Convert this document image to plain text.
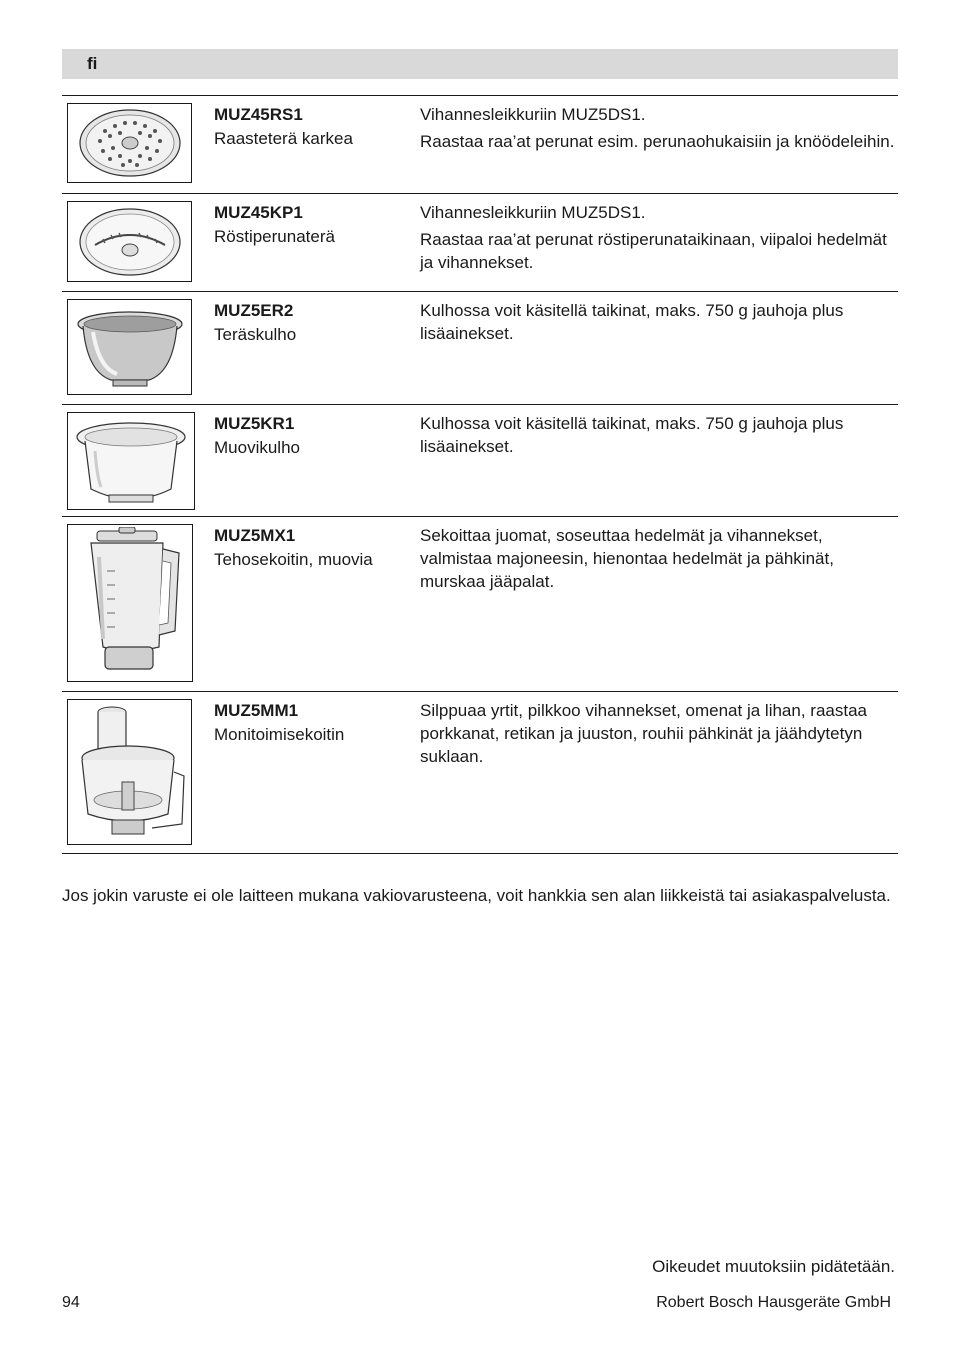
fi
MUZ45RS1
Raasteterä karkea

Vihannesleikkuriin MUZ5DS1.

Raastaa raa’at perunat esim. perunaohukaisiin ja knöödeleihin.

MUZ45KP1
Röstiperunaterä

Vihannesleikkuriin MUZ5DS1.

Raastaa raa’at perunat röstiperunataikinaan, viipaloi hedelmät ja vihannekset.

MUZ5ER2
Teräskulho

Kulhossa voit käsitellä taikinat, maks. 750 g jauhoja plus lisäainekset.

MUZ5KR1
Muovikulho

Kulhossa voit käsitellä taikinat, maks. 750 g jauhoja plus lisäainekset.

MUZ5MX1
Tehosekoitin, muovia

Sekoittaa juomat, soseuttaa hedelmät ja vihannekset, valmistaa majoneesin, hienontaa hedelmät ja pähkinät, murskaa jääpalat.

MUZ5MM1
Monitoimisekoitin

Silppuaa yrtit, pilkkoo vihannekset, omenat ja lihan, raastaa porkkanat, retikan ja juuston, rouhii pähkinät ja jäähdytetyn suklaan.

Jos jokin varuste ei ole laitteen mukana vakiovarusteena, voit hankkia sen alan liikkeistä tai asiakaspalvelusta.
Oikeudet muutoksiin pidätetään.
94	Robert Bosch Hausgeräte GmbH
